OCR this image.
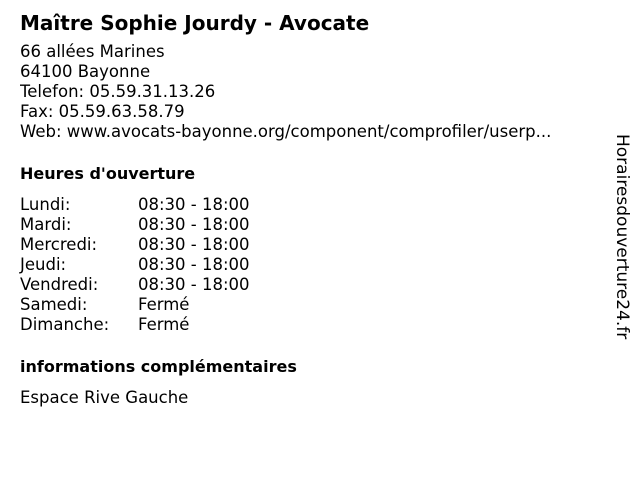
Maître Sophie Jourdy - Avocate
66 allées Marines
64100 Bayonne
Telefon: 05.59.31.13.26
Fax: 05.59.63.58.79
Web: www.avocats-bayonne.org/component/comprofiler/userp...
Heures d'ouverture
Lundi:	08:30 - 18:00
Mardi:	08:30 - 18:00
Mercredi:	08:30 - 18:00
Jeudi:	08:30 - 18:00
Vendredi:	08:30 - 18:00
Samedi:	Fermé
Dimanche:	Fermé
informations complémentaires
Espace Rive Gauche
Horairesdouverture24.fr
